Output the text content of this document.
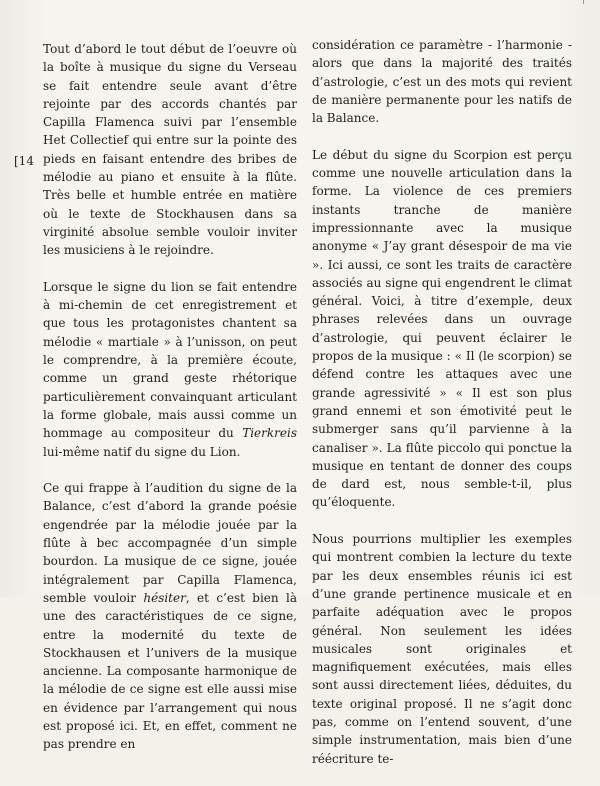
[14

Tout d’abord le tout début de l’oeuvre où la boîte à musique du signe du Verseau se fait entendre seule avant d’être rejointe par des accords chantés par Capilla Flamenca suivi par l’ensemble Het Collectief qui entre sur la pointe des pieds en faisant entendre des bribes de mélodie au piano et ensuite à la flûte. Très belle et humble entrée en matière où le texte de Stockhausen dans sa virginité absolue semble vouloir inviter les musiciens à le rejoindre.

Lorsque le signe du lion se fait entendre à mi-chemin de cet enregistrement et que tous les protagonistes chantent sa mélodie « martiale » à l’unisson, on peut le comprendre, à la première écoute, comme un grand geste rhétorique particulièrement convainquant articulant la forme globale, mais aussi comme un hommage au compositeur du Tierkreis lui-même natif du signe du Lion.

Ce qui frappe à l’audition du signe de la Balance, c’est d’abord la grande poésie engendrée par la mélodie jouée par la flûte à bec accompagnée d’un simple bourdon. La musique de ce signe, jouée intégralement par Capilla Flamenca, semble vouloir hésiter, et c’est bien là une des caractéristiques de ce signe, entre la modernité du texte de Stockhausen et l’univers de la musique ancienne. La composante harmonique de la mélodie de ce signe est elle aussi mise en évidence par l’arrangement qui nous est proposé ici. Et, en effet, comment ne pas prendre en

considération ce paramètre - l’harmonie - alors que dans la majorité des traités d’astrologie, c’est un des mots qui revient de manière permanente pour les natifs de la Balance.

Le début du signe du Scorpion est perçu comme une nouvelle articulation dans la forme. La violence de ces premiers instants tranche de manière impressionnante avec la musique anonyme « J’ay grant désespoir de ma vie ». Ici aussi, ce sont les traits de caractère associés au signe qui engendrent le climat général. Voici, à titre d’exemple, deux phrases relevées dans un ouvrage d’astrologie, qui peuvent éclairer le propos de la musique : « Il (le scorpion) se défend contre les attaques avec une grande agressivité » « Il est son plus grand ennemi et son émotivité peut le submerger sans qu’il parvienne à la canaliser ». La flûte piccolo qui ponctue la musique en tentant de donner des coups de dard est, nous semble-t-il, plus qu’éloquente.

Nous pourrions multiplier les exemples qui montrent combien la lecture du texte par les deux ensembles réunis ici est d’une grande pertinence musicale et en parfaite adéquation avec le propos général. Non seulement les idées musicales sont originales et magnifiquement exécutées, mais elles sont aussi directement liées, déduites, du texte original proposé. Il ne s’agit donc pas, comme on l’entend souvent, d’une simple instrumentation, mais bien d’une réécriture te-
